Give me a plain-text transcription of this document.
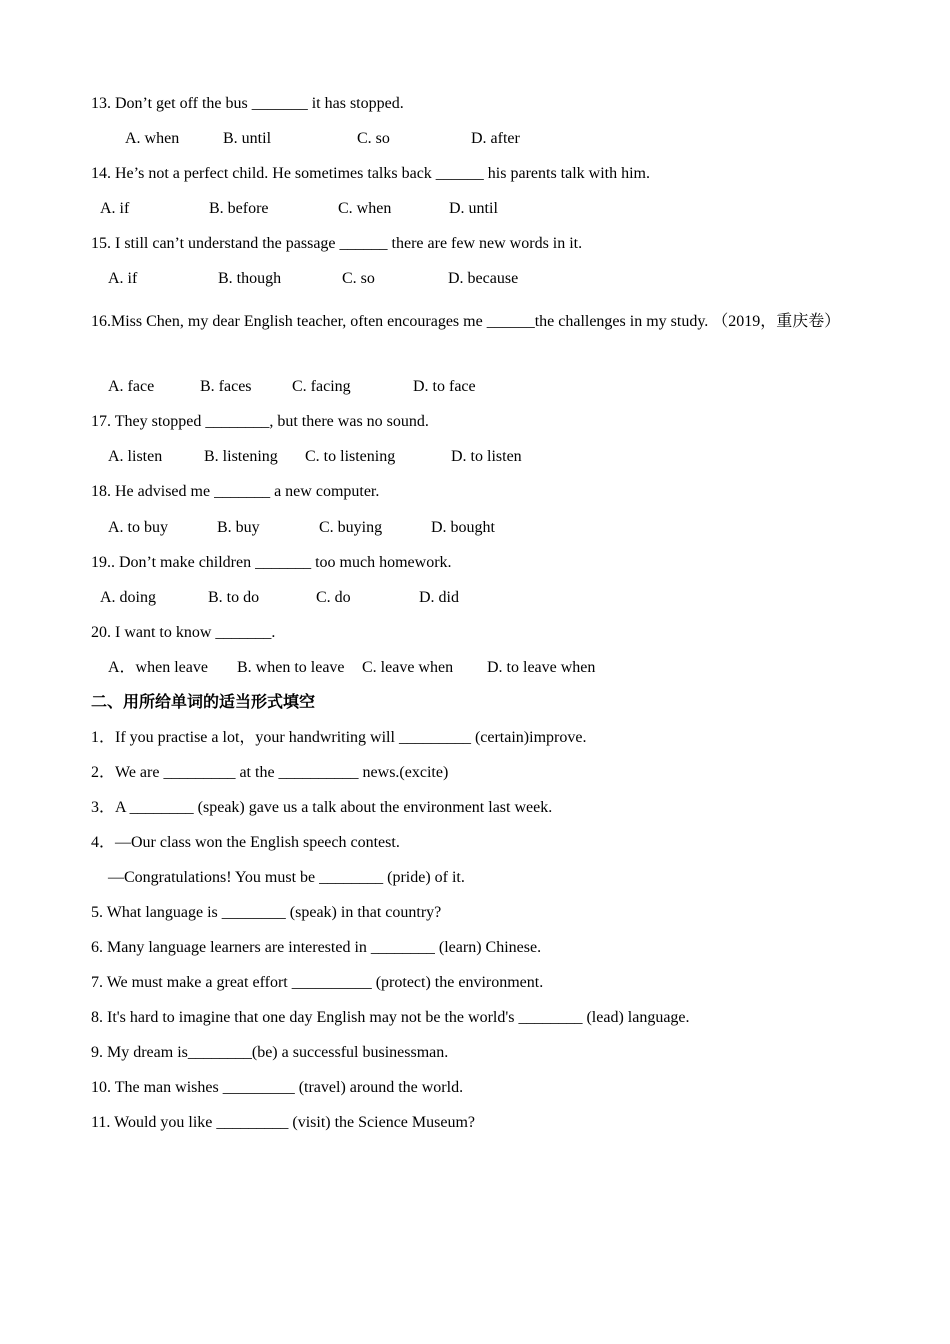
13. Don’t get off the bus _______ it has stopped.
A. when	B. until	C. so	D. after
14. He’s not a perfect child. He sometimes talks back ______ his parents talk with him.
A. if	B. before	C. when	D. until
15. I still can’t understand the passage ______ there are few new words in it.
A. if	B. though	C. so	D. because
16.Miss Chen, my dear English teacher, often encourages me ______the challenges in my study. （2019，重庆卷）
A. face	B. faces	C. facing	D. to face
17. They stopped ________, but there was no sound.
A. listen	B. listening C. to listening	D. to listen
18. He advised me _______ a new computer.
A. to buy	B. buy	C. buying	D. bought
19.. Don’t make children _______ too much homework.
A. doing	B. to do	C. do	D. did
20. I want to know _______.
A．when leave B. when to leave C. leave when D. to leave when
二、用所给单词的适当形式填空
1．If you practise a lot，your handwriting will _________ (certain)improve.
2．We are _________ at the __________ news.(excite)
3．A ________ (speak) gave us a talk about the environment last week.
4．—Our class won the English speech contest.
—Congratulations! You must be ________ (pride) of it.
5. What language is ________ (speak) in that country?
6. Many language learners are interested in ________ (learn) Chinese.
7. We must make a great effort __________ (protect) the environment.
8. It's hard to imagine that one day English may not be the world's ________ (lead) language.
9. My dream is________(be) a successful businessman.
10. The man wishes _________ (travel) around the world.
11. Would you like _________ (visit) the Science Museum?
